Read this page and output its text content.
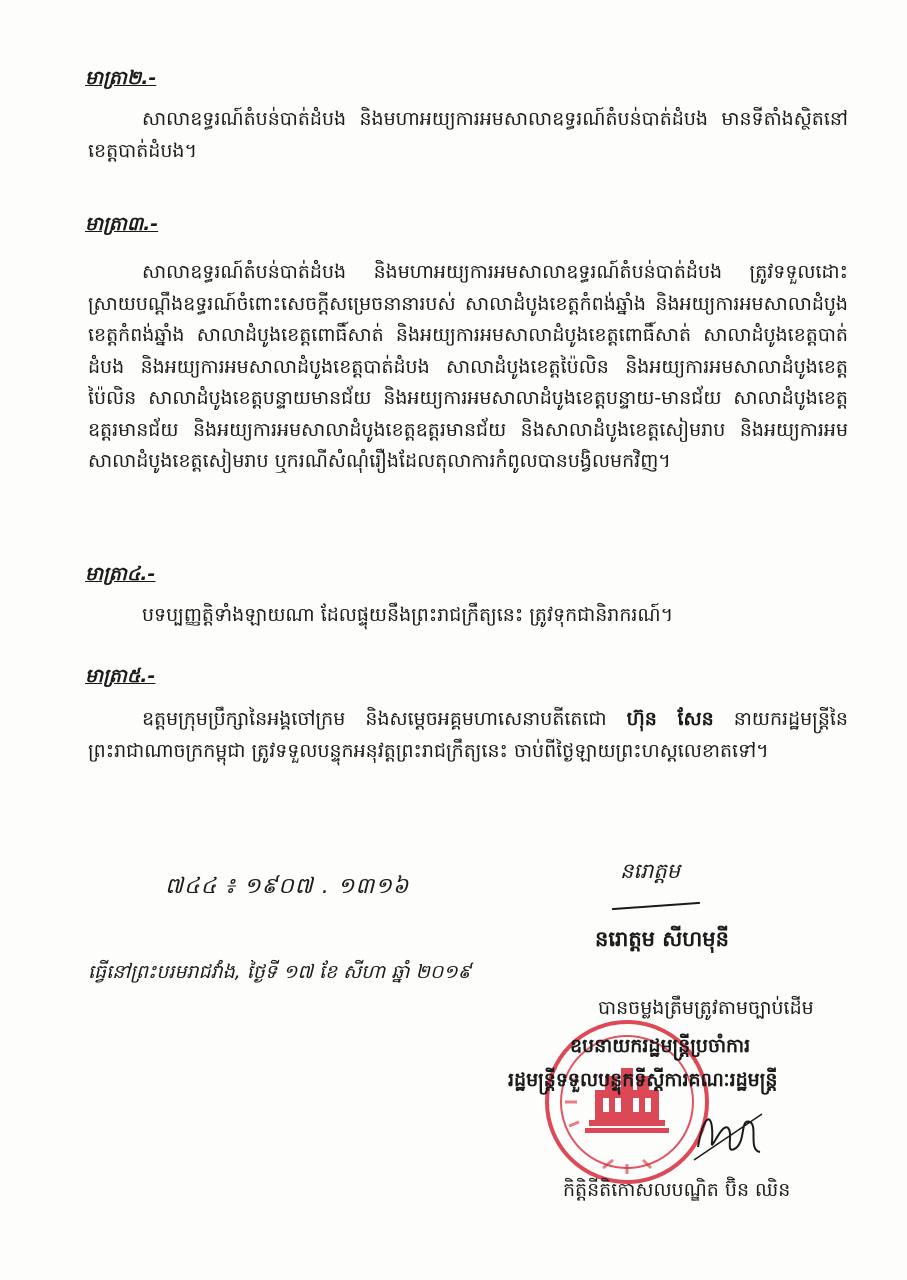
មាត្រា២.-
សាលាឧទ្ធរណ៍តំបន់បាត់ដំបង និងមហាអយ្យការអមសាលាឧទ្ធរណ៍តំបន់បាត់ដំបង មានទីតាំងស្ថិតនៅខេត្តបាត់ដំបង។
មាត្រា៣.-
សាលាឧទ្ធរណ៍តំបន់បាត់ដំបង និងមហាអយ្យការអមសាលាឧទ្ធរណ៍តំបន់បាត់ដំបង ត្រូវទទួលដោះស្រាយបណ្តឹងឧទ្ធរណ៍ចំពោះសេចក្តីសម្រេចនានារបស់ សាលាដំបូងខេត្តកំពង់ឆ្នាំង និងអយ្យការអមសាលាដំបូងខេត្តកំពង់ឆ្នាំង សាលាដំបូងខេត្តពោធិ៍សាត់ និងអយ្យការអមសាលាដំបូងខេត្តពោធិ៍សាត់ សាលាដំបូងខេត្តបាត់ដំបង និងអយ្យការអមសាលាដំបូងខេត្តបាត់ដំបង សាលាដំបូងខេត្តប៉ៃលិន និងអយ្យការអមសាលាដំបូងខេត្តប៉ៃលិន សាលាដំបូងខេត្តបន្ទាយមានជ័យ និងអយ្យការអមសាលាដំបូងខេត្តបន្ទាយ-មានជ័យ សាលាដំបូងខេត្តឧត្តរមានជ័យ និងអយ្យការអមសាលាដំបូងខេត្តឧត្តរមានជ័យ និងសាលាដំបូងខេត្តសៀមរាប និងអយ្យការអមសាលាដំបូងខេត្តសៀមរាប ឬករណីសំណុំរឿងដែលតុលាការកំពូលបានបង្វិលមកវិញ។
មាត្រា៤.-
បទប្បញ្ញត្តិទាំងឡាយណា ដែលផ្ទុយនឹងព្រះរាជក្រឹត្យនេះ ត្រូវទុកជានិរាករណ៍។
មាត្រា៥.-
ឧត្តមក្រុមប្រឹក្សានៃអង្គចៅក្រម និងសម្តេចអគ្គមហាសេនាបតីតេជោ ហ៊ុន សែន នាយករដ្ឋមន្ត្រីនៃព្រះរាជាណាចក្រកម្ពុជា ត្រូវទទួលបន្ទុកអនុវត្តព្រះរាជក្រឹត្យនេះ ចាប់ពីថ្ងៃឡាយព្រះហស្តលេខាតទៅ។
៧៤៤ ៖ ១៩០៧ . ១៣១៦
ធ្វើនៅព្រះបរមរាជវាំង, ថ្ងៃទី ១៧ ខែ សីហា ឆ្នាំ ២០១៩
នរោត្តម
នរោត្តម សីហមុនី
បានចម្លងត្រឹមត្រូវតាមច្បាប់ដើម
ឧបនាយករដ្ឋមន្ត្រីប្រចាំការ
រដ្ឋមន្ត្រីទទួលបន្ទុកទីស្តីការគណៈរដ្ឋមន្ត្រី
កិត្តិនីតិកោសលបណ្ឌិត ប៊ិន ឈិន
